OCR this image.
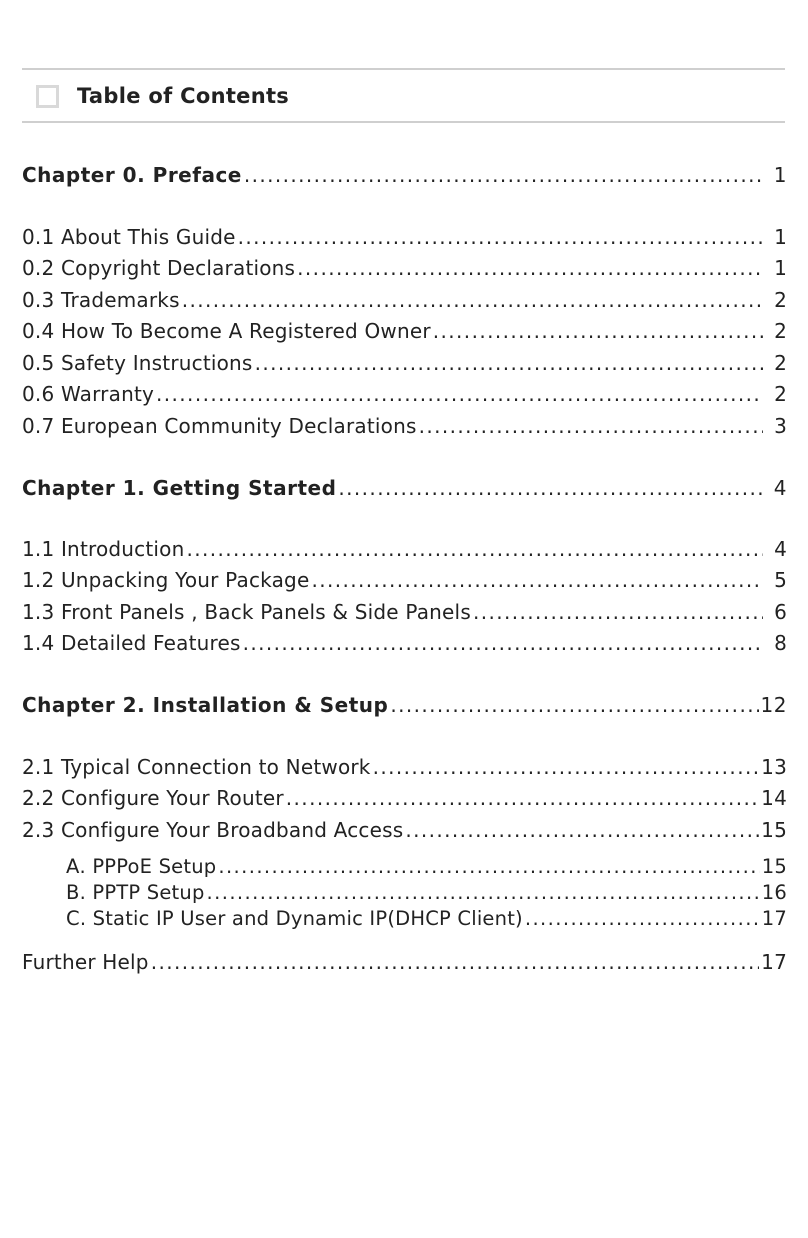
Table of Contents
Chapter 0. Preface .....	1
0.1 About This Guide .....	1
0.2 Copyright Declarations .....	1
0.3 Trademarks .....	2
0.4 How To Become A Registered Owner .....	2
0.5 Safety Instructions .....	2
0.6 Warranty .....	2
0.7 European Community Declarations .....	3
Chapter 1. Getting Started .....	4
1.1 Introduction .....	4
1.2 Unpacking Your Package .....	5
1.3 Front Panels , Back Panels & Side Panels .....	6
1.4 Detailed Features .....	8
Chapter 2. Installation & Setup .....	12
2.1 Typical Connection to Network .....	13
2.2 Configure Your Router .....	14
2.3 Configure Your Broadband Access .....	15
A . PPPoE Setup .....	15
B . PPTP Setup .....	16
C . Static IP User and Dynamic IP(DHCP Client) .....	17
Further Help .....	17
